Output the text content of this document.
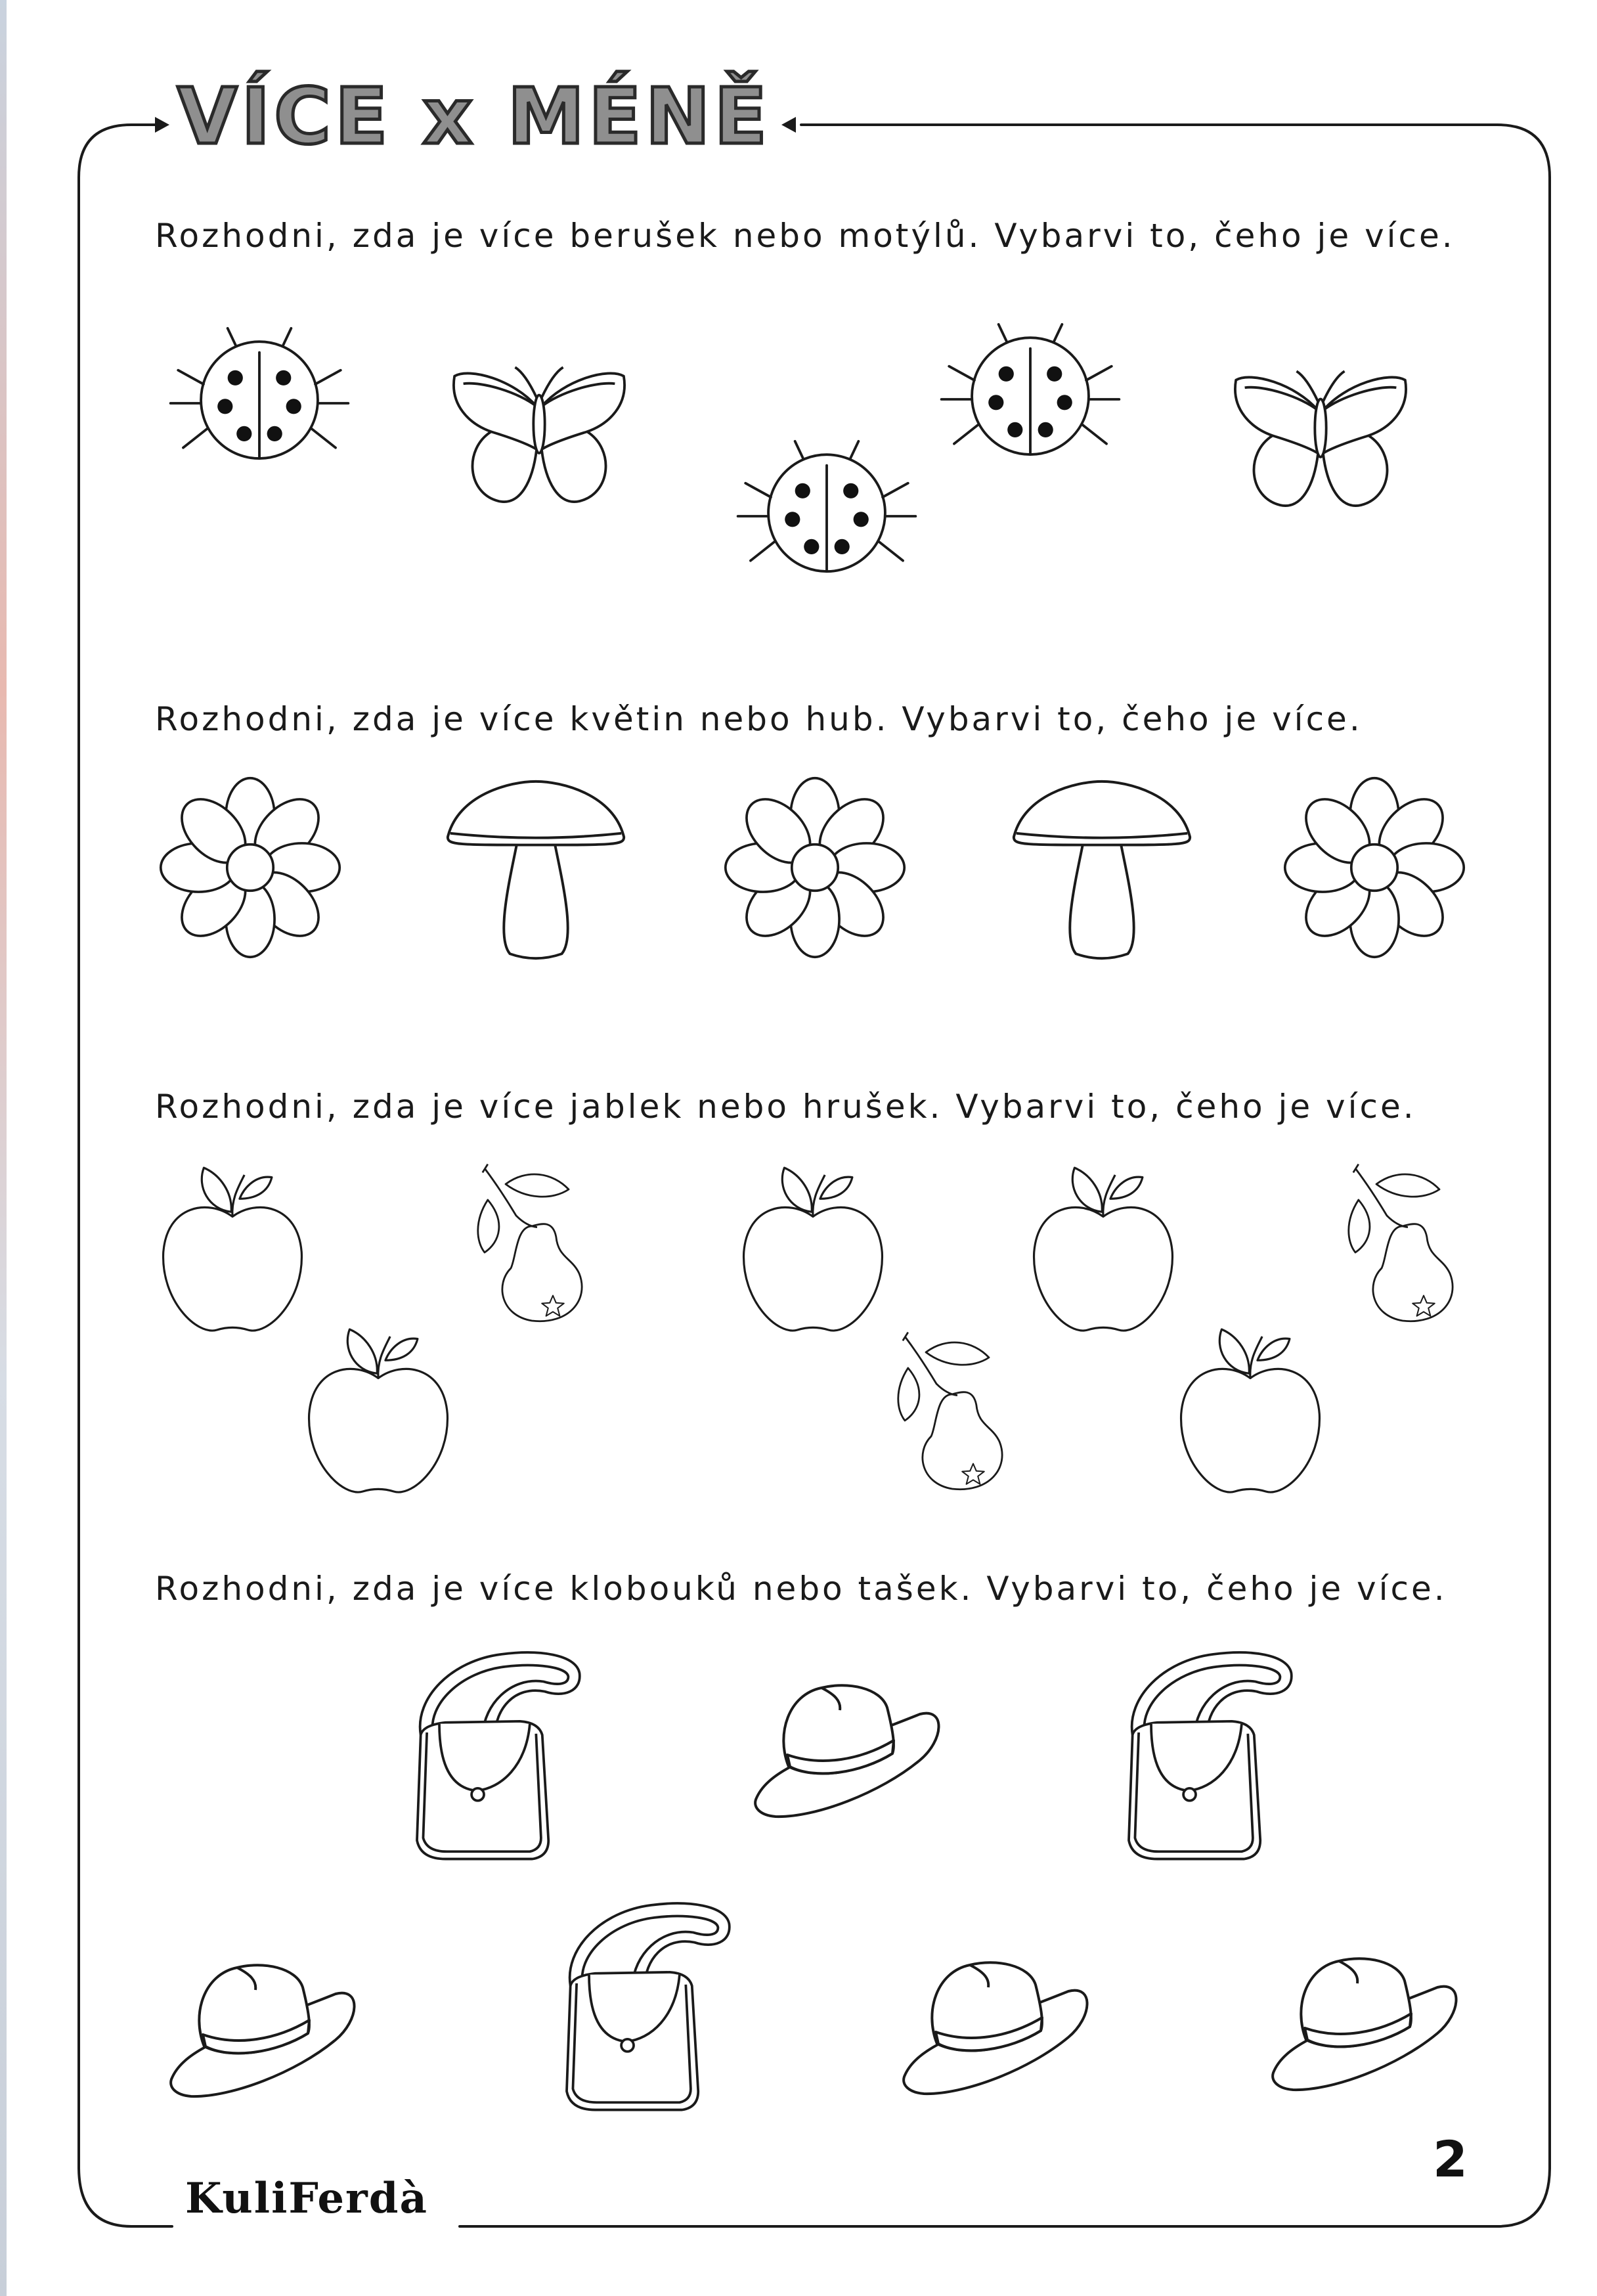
VÍCE x MÉNĚ
Rozhodni, zda je více berušek nebo motýlů. Vybarvi to, čeho je více.
Rozhodni, zda je více květin nebo hub. Vybarvi to, čeho je více.
Rozhodni, zda je více jablek nebo hrušek. Vybarvi to, čeho je více.
Rozhodni, zda je více klobouků nebo tašek. Vybarvi to, čeho je více.
KuliFerdà
2
